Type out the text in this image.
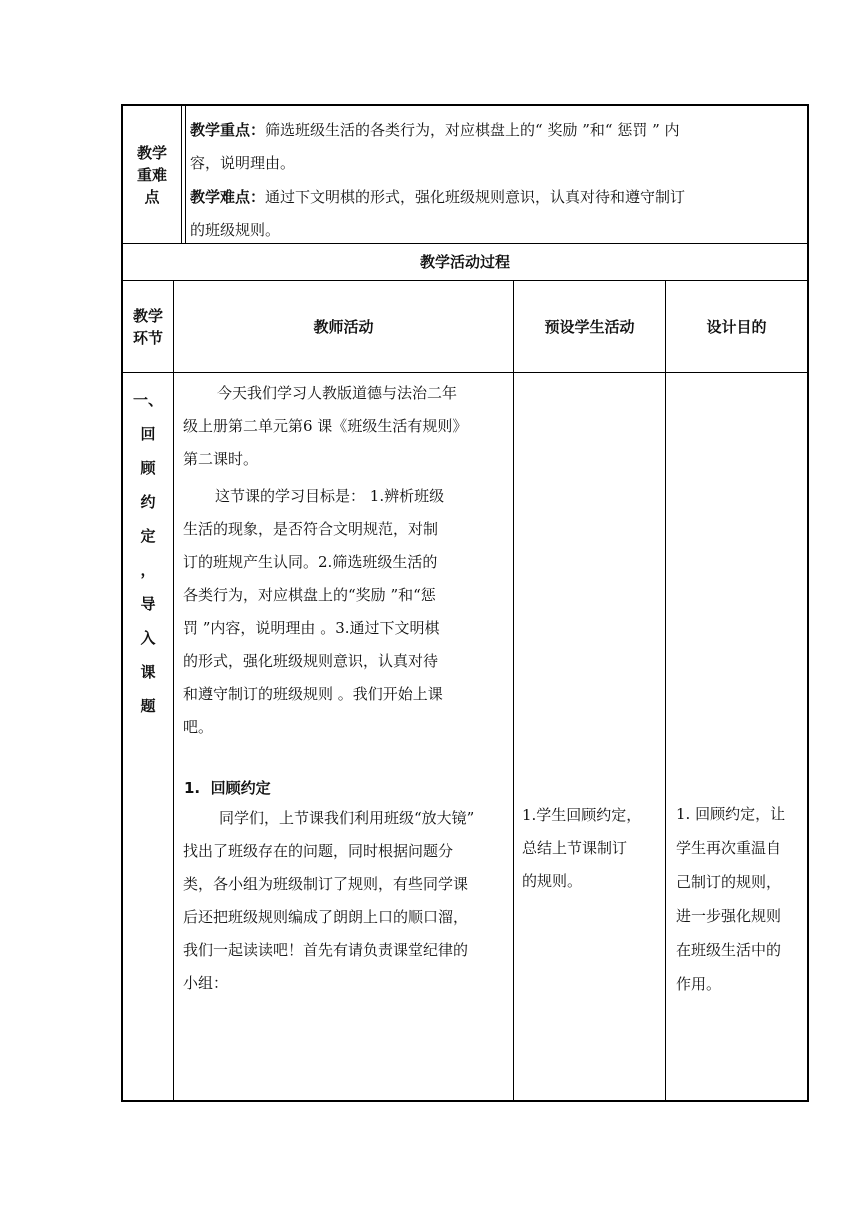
教学
重难
点
教学重点：筛选班级生活的各类行为，对应棋盘上的“ 奖励 ”和“ 惩罚 ” 内
容，说明理由。
教学难点：通过下文明棋的形式，强化班级规则意识，认真对待和遵守制订
的班级规则。
教学活动过程
教学
环节
教师活动	预设学生活动	设计目的
一、
回
顾
约
定
，
导
入
课
题
今天我们学习人教版道德与法治二年
级上册第二单元第6 课《班级生活有规则》
第二课时。
这节课的学习目标是： 1.辨析班级
生活的现象，是否符合文明规范，对制
订的班规产生认同。2.筛选班级生活的
各类行为，对应棋盘上的“奖励 ”和“惩
罚 ”内容，说明理由 。3.通过下文明棋
的形式，强化班级规则意识，认真对待
和遵守制订的班级规则 。我们开始上课
吧。
1.  回顾约定
同学们，上节课我们利用班级“放大镜”
找出了班级存在的问题，同时根据问题分
类，各小组为班级制订了规则，有些同学课
后还把班级规则编成了朗朗上口的顺口溜，
我们一起读读吧！首先有请负责课堂纪律的
小组：
1.学生回顾约定，
总结上节课制订
的规则。
1. 回顾约定，让
学生再次重温自
己制订的规则，
进一步强化规则
在班级生活中的
作用。
